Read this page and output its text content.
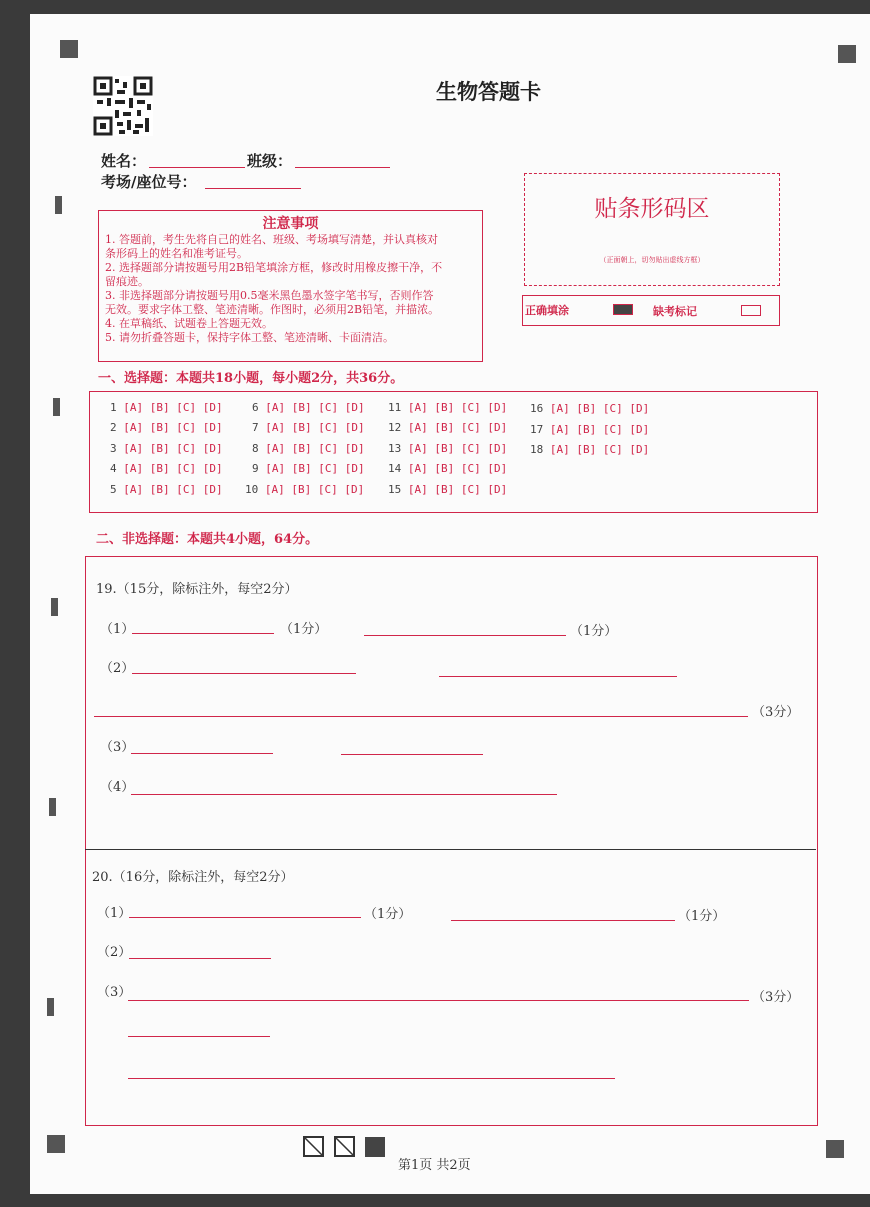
生物答题卡
姓名：	班级：
考场/座位号：
注意事项
1. 答题前，考生先将自己的姓名、班级、考场填写清楚，并认真核对
条形码上的姓名和准考证号。
2. 选择题部分请按题号用2B铅笔填涂方框，修改时用橡皮擦干净，不
留痕迹。
3. 非选择题部分请按题号用0.5毫米黑色墨水签字笔书写，否则作答
无效。要求字体工整、笔迹清晰。作图时，必须用2B铅笔，并描浓。
4. 在草稿纸、试题卷上答题无效。
5. 请勿折叠答题卡，保持字体工整、笔迹清晰、卡面清洁。
贴条形码区
（正面朝上，切勿贴出虚线方框）
正确填涂	缺考标记
一、选择题：本题共18小题，每小题2分，共36分。
1 [A] [B] [C] [D]
2 [A] [B] [C] [D]
3 [A] [B] [C] [D]
4 [A] [B] [C] [D]
5 [A] [B] [C] [D]
6 [A] [B] [C] [D]
7 [A] [B] [C] [D]
8 [A] [B] [C] [D]
9 [A] [B] [C] [D]
10 [A] [B] [C] [D]
11 [A] [B] [C] [D]
12 [A] [B] [C] [D]
13 [A] [B] [C] [D]
14 [A] [B] [C] [D]
15 [A] [B] [C] [D]
16 [A] [B] [C] [D]
17 [A] [B] [C] [D]
18 [A] [B] [C] [D]
二、非选择题：本题共4小题，64分。
19.（15分，除标注外，每空2分）
（1）	（1分）	（1分）
（2）
（3分）
（3）
（4）
20.（16分，除标注外，每空2分）
（1）	（1分）	（1分）
（2）
（3）	（3分）
第1页 共2页
